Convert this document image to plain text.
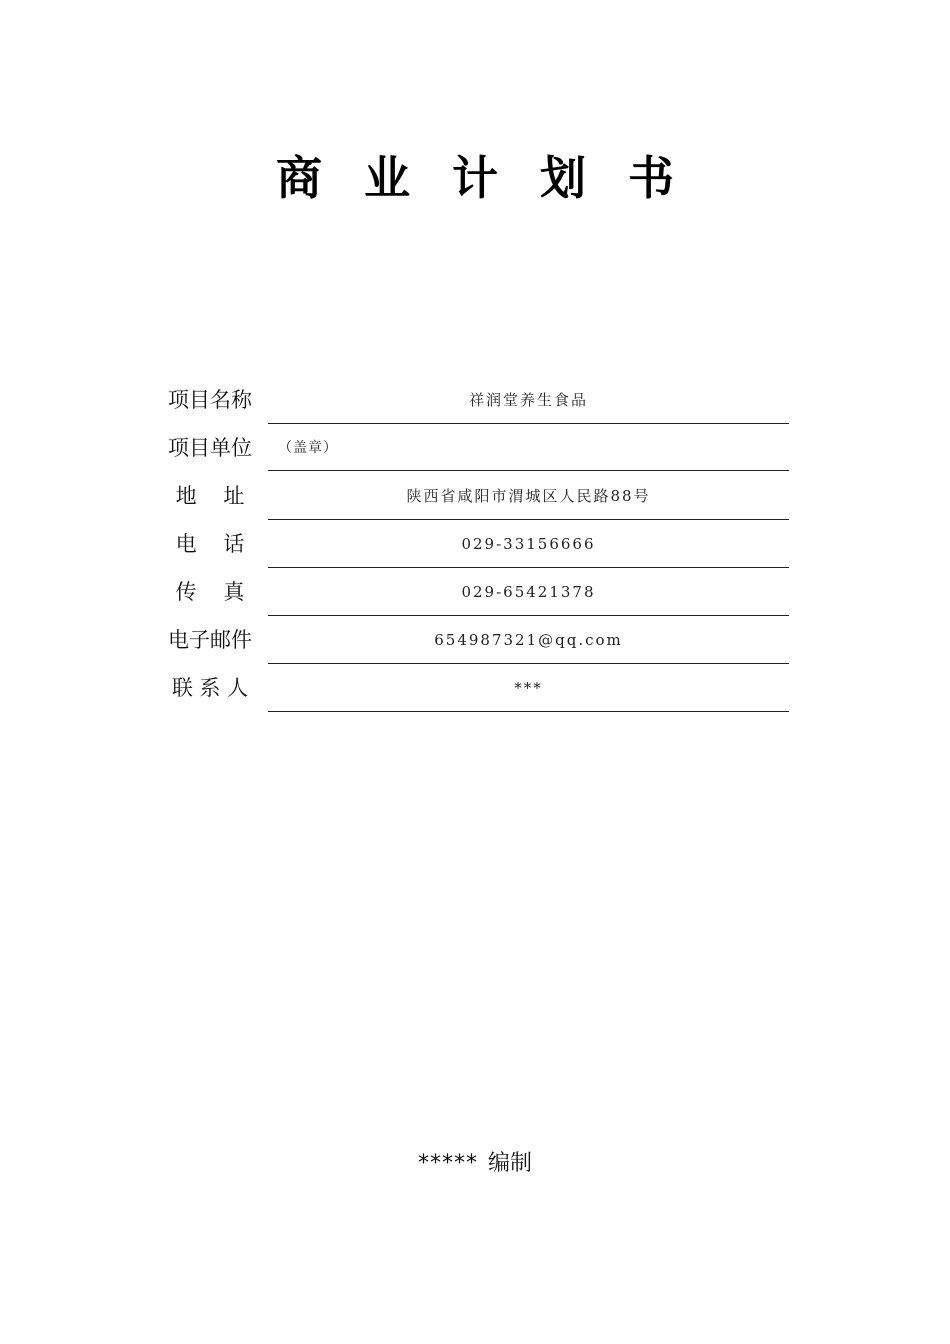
商业计划书
项目名称	祥润堂养生食品
项目单位	（盖章）
地    址	陕西省咸阳市渭城区人民路88号
电    话	029-33156666
传    真	029-65421378
电子邮件	654987321@qq.com
联 系 人	***
***** 编制
